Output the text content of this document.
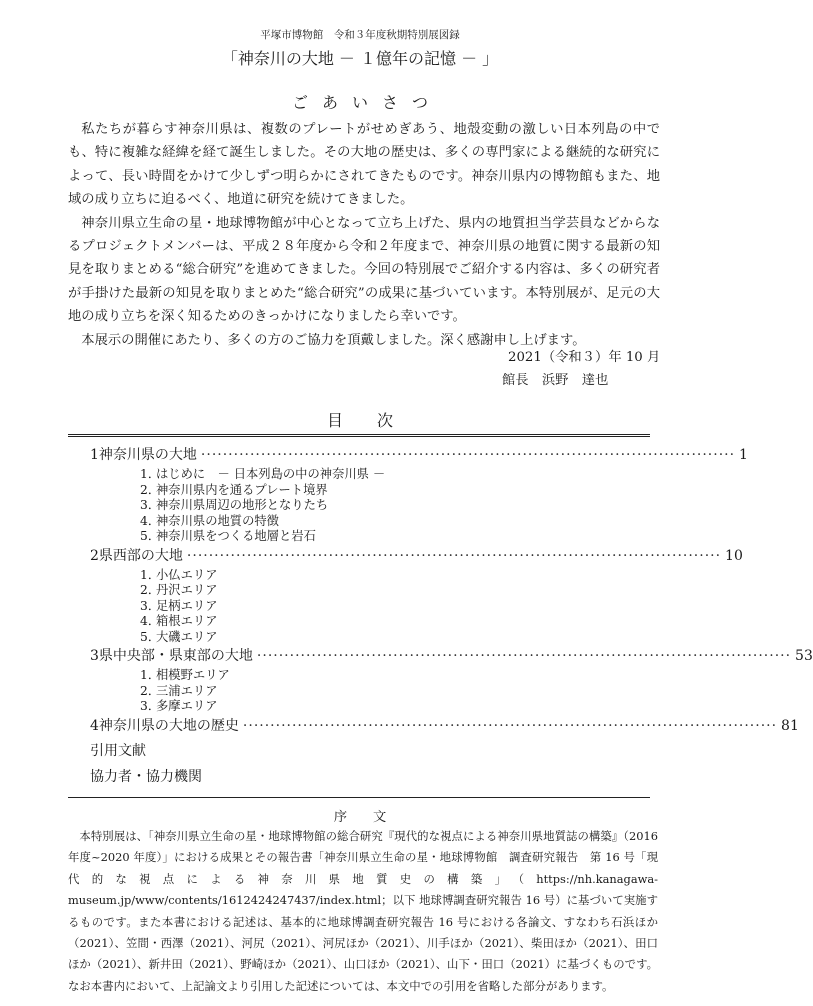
平塚市博物館　令和３年度秋期特別展図録
「神奈川の大地 － １億年の記憶 － 」
ごあいさつ

私たちが暮らす神奈川県は、複数のプレートがせめぎあう、地殻変動の激しい日本列島の中でも、特に複雑な経緯を経て誕生しました。その大地の歴史は、多くの専門家による継続的な研究によって、長い時間をかけて少しずつ明らかにされてきたものです。神奈川県内の博物館もまた、地域の成り立ちに迫るべく、地道に研究を続けてきました。

神奈川県立生命の星・地球博物館が中心となって立ち上げた、県内の地質担当学芸員などからなるプロジェクトメンバーは、平成２８年度から令和２年度まで、神奈川県の地質に関する最新の知見を取りまとめる“総合研究”を進めてきました。今回の特別展でご紹介する内容は、多くの研究者が手掛けた最新の知見を取りまとめた“総合研究”の成果に基づいています。本特別展が、足元の大地の成り立ちを深く知るためのきっかけになりましたら幸いです。

本展示の開催にあたり、多くの方のご協力を頂戴しました。深く感謝申し上げます。

2021（令和３）年 10 月
館長　浜野　達也
目次
1 神奈川県の大地 ·································································································· 1
1．はじめに　－ 日本列島の中の神奈川県 －
2．神奈川県内を通るプレート境界
3．神奈川県周辺の地形となりたち
4．神奈川県の地質の特徴
5．神奈川県をつくる地層と岩石
2 県西部の大地 ·································································································· 10
1．小仏エリア
2．丹沢エリア
3．足柄エリア
4．箱根エリア
5．大磯エリア
3 県中央部・県東部の大地 ·································································································· 53
1．相模野エリア
2．三浦エリア
3．多摩エリア
4 神奈川県の大地の歴史 ·································································································· 81
引用文献
協力者・協力機関
序文

本特別展は、「神奈川県立生命の星・地球博物館の総合研究『現代的な視点による神奈川県地質誌の構築』（2016 年度~2020 年度）」における成果とその報告書「神奈川県立生命の星・地球博物館　調査研究報告　第 16 号「現代的な視点による神奈川県地質史の構築」（https://nh.kanagawa-museum.jp/www/contents/1612424247437/index.html；以下 地球博調査研究報告 16 号）に基づいて実施するものです。また本書における記述は、基本的に地球博調査研究報告 16 号における各論文、すなわち石浜ほか（2021）、笠間・西澤（2021）、河尻（2021）、河尻ほか（2021）、川手ほか（2021）、柴田ほか（2021）、田口ほか（2021）、新井田（2021）、野崎ほか（2021）、山口ほか（2021）、山下・田口（2021）に基づくものです。なお本書内において、上記論文より引用した記述については、本文中での引用を省略した部分があります。
